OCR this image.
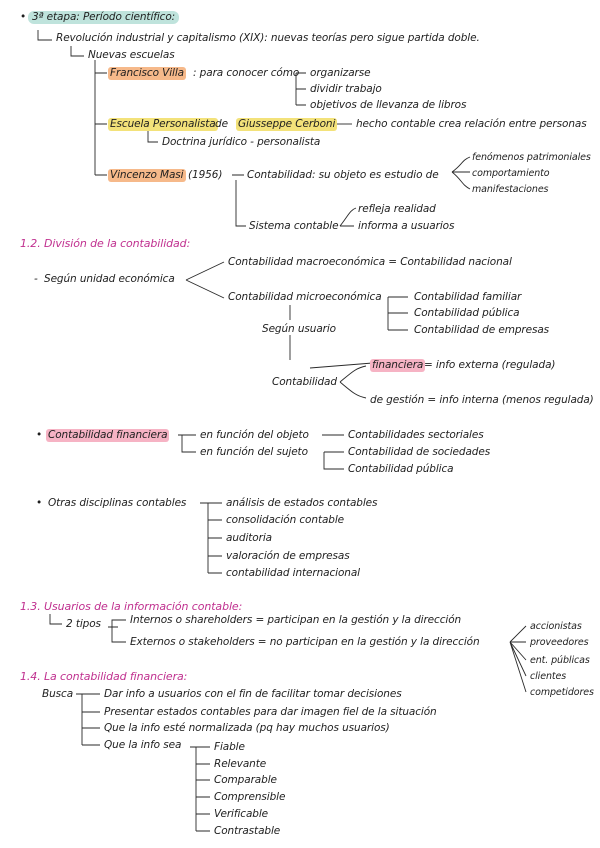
• 3ª etapa: Período científico:
Revolución industrial y capitalismo (XIX): nuevas teorías pero sigue partida doble.
Nuevas escuelas
Francisco Villa : para conocer cómo organizarse
dividir trabajo
objetivos de llevanza de libros
Escuela Personalista de Giusseppe Cerboni hecho contable crea relación entre personas
Doctrina jurídico - personalista
Vincenzo Masi (1956) Contabilidad: su objeto es estudio de
fenómenos patrimoniales
comportamiento
manifestaciones
Sistema contable
refleja realidad
informa a usuarios
1.2. División de la contabilidad:
- Según unidad económica
Contabilidad macroeconómica = Contabilidad nacional
Contabilidad microeconómica	Contabilidad familiar
Contabilidad pública
Contabilidad de empresas
Según usuario
Contabilidad
financiera = info externa (regulada)
de gestión = info interna (menos regulada)
• Contabilidad financiera	en función del objeto
en función del sujeto
Contabilidades sectoriales
Contabilidad de sociedades
Contabilidad pública
• Otras disciplinas contables	análisis de estados contables
consolidación contable
auditoria
valoración de empresas
contabilidad internacional
1.3. Usuarios de la información contable:
2 tipos	Internos o shareholders = participan en la gestión y la dirección
Externos o stakeholders = no participan en la gestión y la dirección
accionistas
proveedores
ent. públicas
clientes
competidores
1.4. La contabilidad financiera:
Busca	Dar info a usuarios con el fin de facilitar tomar decisiones
Presentar estados contables para dar imagen fiel de la situación
Que la info esté normalizada (pq hay muchos usuarios)
Que la info sea	Fiable
Relevante
Comparable
Comprensible
Verificable
Contrastable
